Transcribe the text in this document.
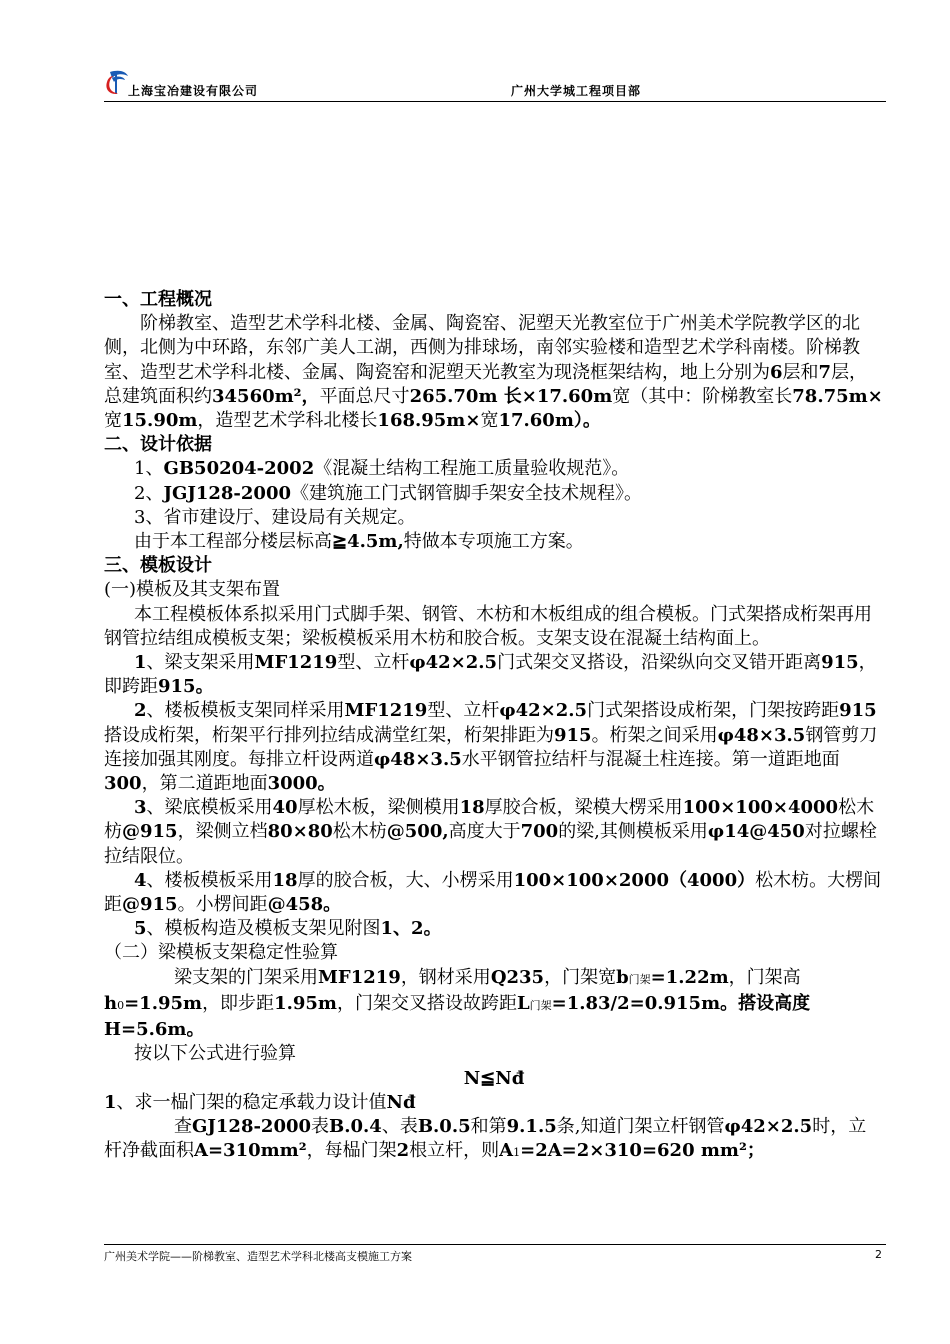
上海宝冶建设有限公司	广州大学城工程项目部

一、工程概况

阶梯教室、造型艺术学科北楼、金属、陶瓷窑、泥塑天光教室位于广州美术学院教学区的北侧，北侧为中环路，东邻广美人工湖，西侧为排球场，南邻实验楼和造型艺术学科南楼。阶梯教室、造型艺术学科北楼、金属、陶瓷窑和泥塑天光教室为现浇框架结构，地上分别为6层和7层，总建筑面积约34560m²，平面总尺寸265.70m 长×17.60m宽（其中：阶梯教室长78.75m×宽15.90m，造型艺术学科北楼长168.95m×宽17.60m）。

二、设计依据

1、GB50204-2002《混凝土结构工程施工质量验收规范》。

2、JGJ128-2000《建筑施工门式钢管脚手架安全技术规程》。

3、省市建设厅、建设局有关规定。

由于本工程部分楼层标高≧4.5m,特做本专项施工方案。

三、模板设计

(一)模板及其支架布置

本工程模板体系拟采用门式脚手架、钢管、木枋和木板组成的组合模板。门式架搭成桁架再用钢管拉结组成模板支架；梁板模板采用木枋和胶合板。支架支设在混凝土结构面上。

1、梁支架采用MF1219型、立杆φ42×2.5门式架交叉搭设，沿梁纵向交叉错开距离915，即跨距915。

2、楼板模板支架同样采用MF1219型、立杆φ42×2.5门式架搭设成桁架，门架按跨距915搭设成桁架，桁架平行排列拉结成满堂红架，桁架排距为915。桁架之间采用φ48×3.5钢管剪刀连接加强其刚度。每排立杆设两道φ48×3.5水平钢管拉结杆与混凝土柱连接。第一道距地面300，第二道距地面3000。

3、梁底模板采用40厚松木板，梁侧模用18厚胶合板，梁模大楞采用100×100×4000松木枋@915，梁侧立档80×80松木枋@500,高度大于700的梁,其侧模板采用φ14@450对拉螺栓拉结限位。

4、楼板模板采用18厚的胶合板，大、小楞采用100×100×2000（4000）松木枋。大楞间距@915。小楞间距@458。

5、模板构造及模板支架见附图1、2。

（二）梁模板支架稳定性验算

梁支架的门架采用MF1219，钢材采用Q235，门架宽b门架=1.22m，门架高h0=1.95m，即步距1.95m，门架交叉搭设故跨距L门架=1.83/2=0.915m。搭设高度H=5.6m。

按以下公式进行验算

N≦Nđ

1、求一榀门架的稳定承载力设计值Nđ

查GJ128-2000表B.0.4、表B.0.5和第9.1.5条,知道门架立杆钢管φ42×2.5时，立杆净截面积A=310mm²，每榀门架2根立杆，则A1=2A=2×310=620 mm²；

广州美术学院——阶梯教室、造型艺术学科北楼高支模施工方案	2
